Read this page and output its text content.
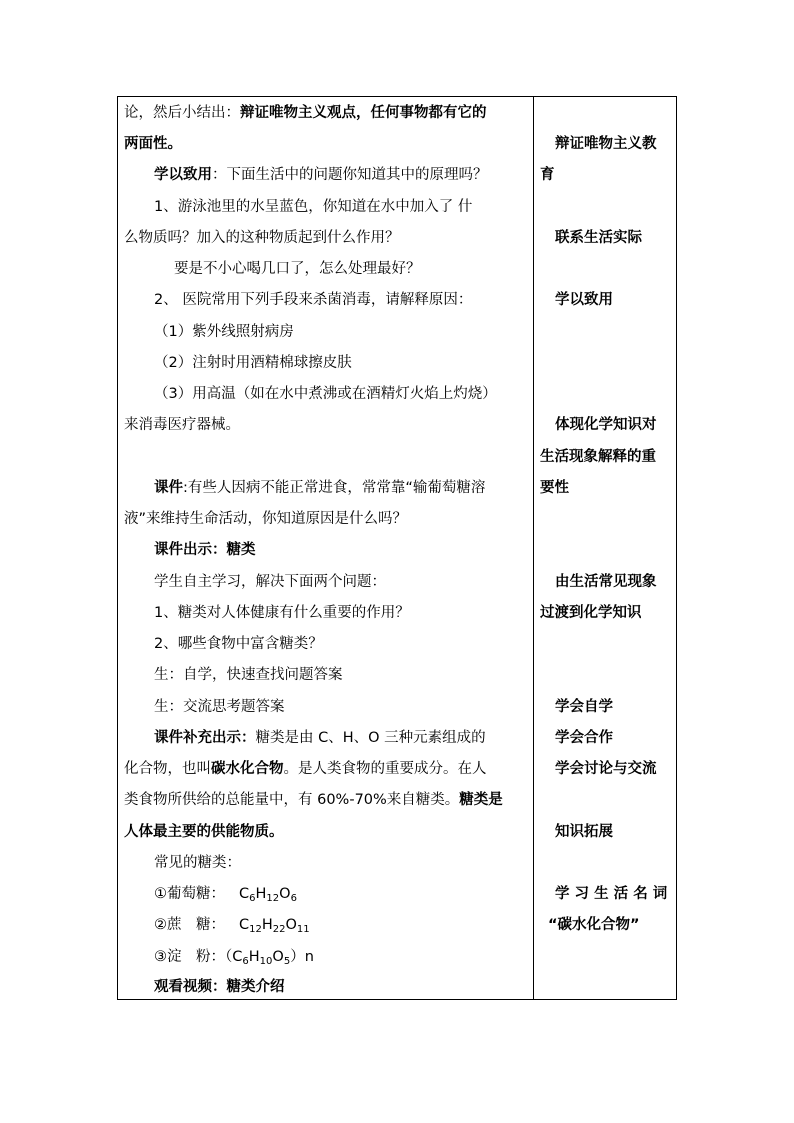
论，然后小结出：辩证唯物主义观点，任何事物都有它的
两面性。
学以致用：下面生活中的问题你知道其中的原理吗？
1、游泳池里的水呈蓝色，你知道在水中加入了 什
么物质吗？加入的这种物质起到什么作用？
要是不小心喝几口了，怎么处理最好？
2、 医院常用下列手段来杀菌消毒，请解释原因：
（1）紫外线照射病房
（2）注射时用酒精棉球擦皮肤
（3）用高温（如在水中煮沸或在酒精灯火焰上灼烧）
来消毒医疗器械。
课件:有些人因病不能正常进食，常常靠“输葡萄糖溶
液”来维持生命活动，你知道原因是什么吗？
课件出示：糖类
学生自主学习，解决下面两个问题：
1、糖类对人体健康有什么重要的作用？
2、哪些食物中富含糖类？
生：自学，快速查找问题答案
生：交流思考题答案
课件补充出示：糖类是由 C、H、O 三种元素组成的
化合物，也叫碳水化合物。是人类食物的重要成分。在人
类食物所供给的总能量中，有 60%-70%来自糖类。糖类是
人体最主要的供能物质。
常见的糖类：
①葡萄糖： $C_6H_{12}O_6$
②蔗　糖： $C_{12}H_{22}O_{11}$
③淀　粉：$(C_6H_{10}O_5)n$
观看视频：糖类介绍
辩证唯物主义教
育
联系生活实际
学以致用
体现化学知识对
生活现象解释的重
要性
由生活常见现象
过渡到化学知识
学会自学
学会合作
学会讨论与交流
知识拓展
学 习 生 活 名 词
“碳水化合物”
